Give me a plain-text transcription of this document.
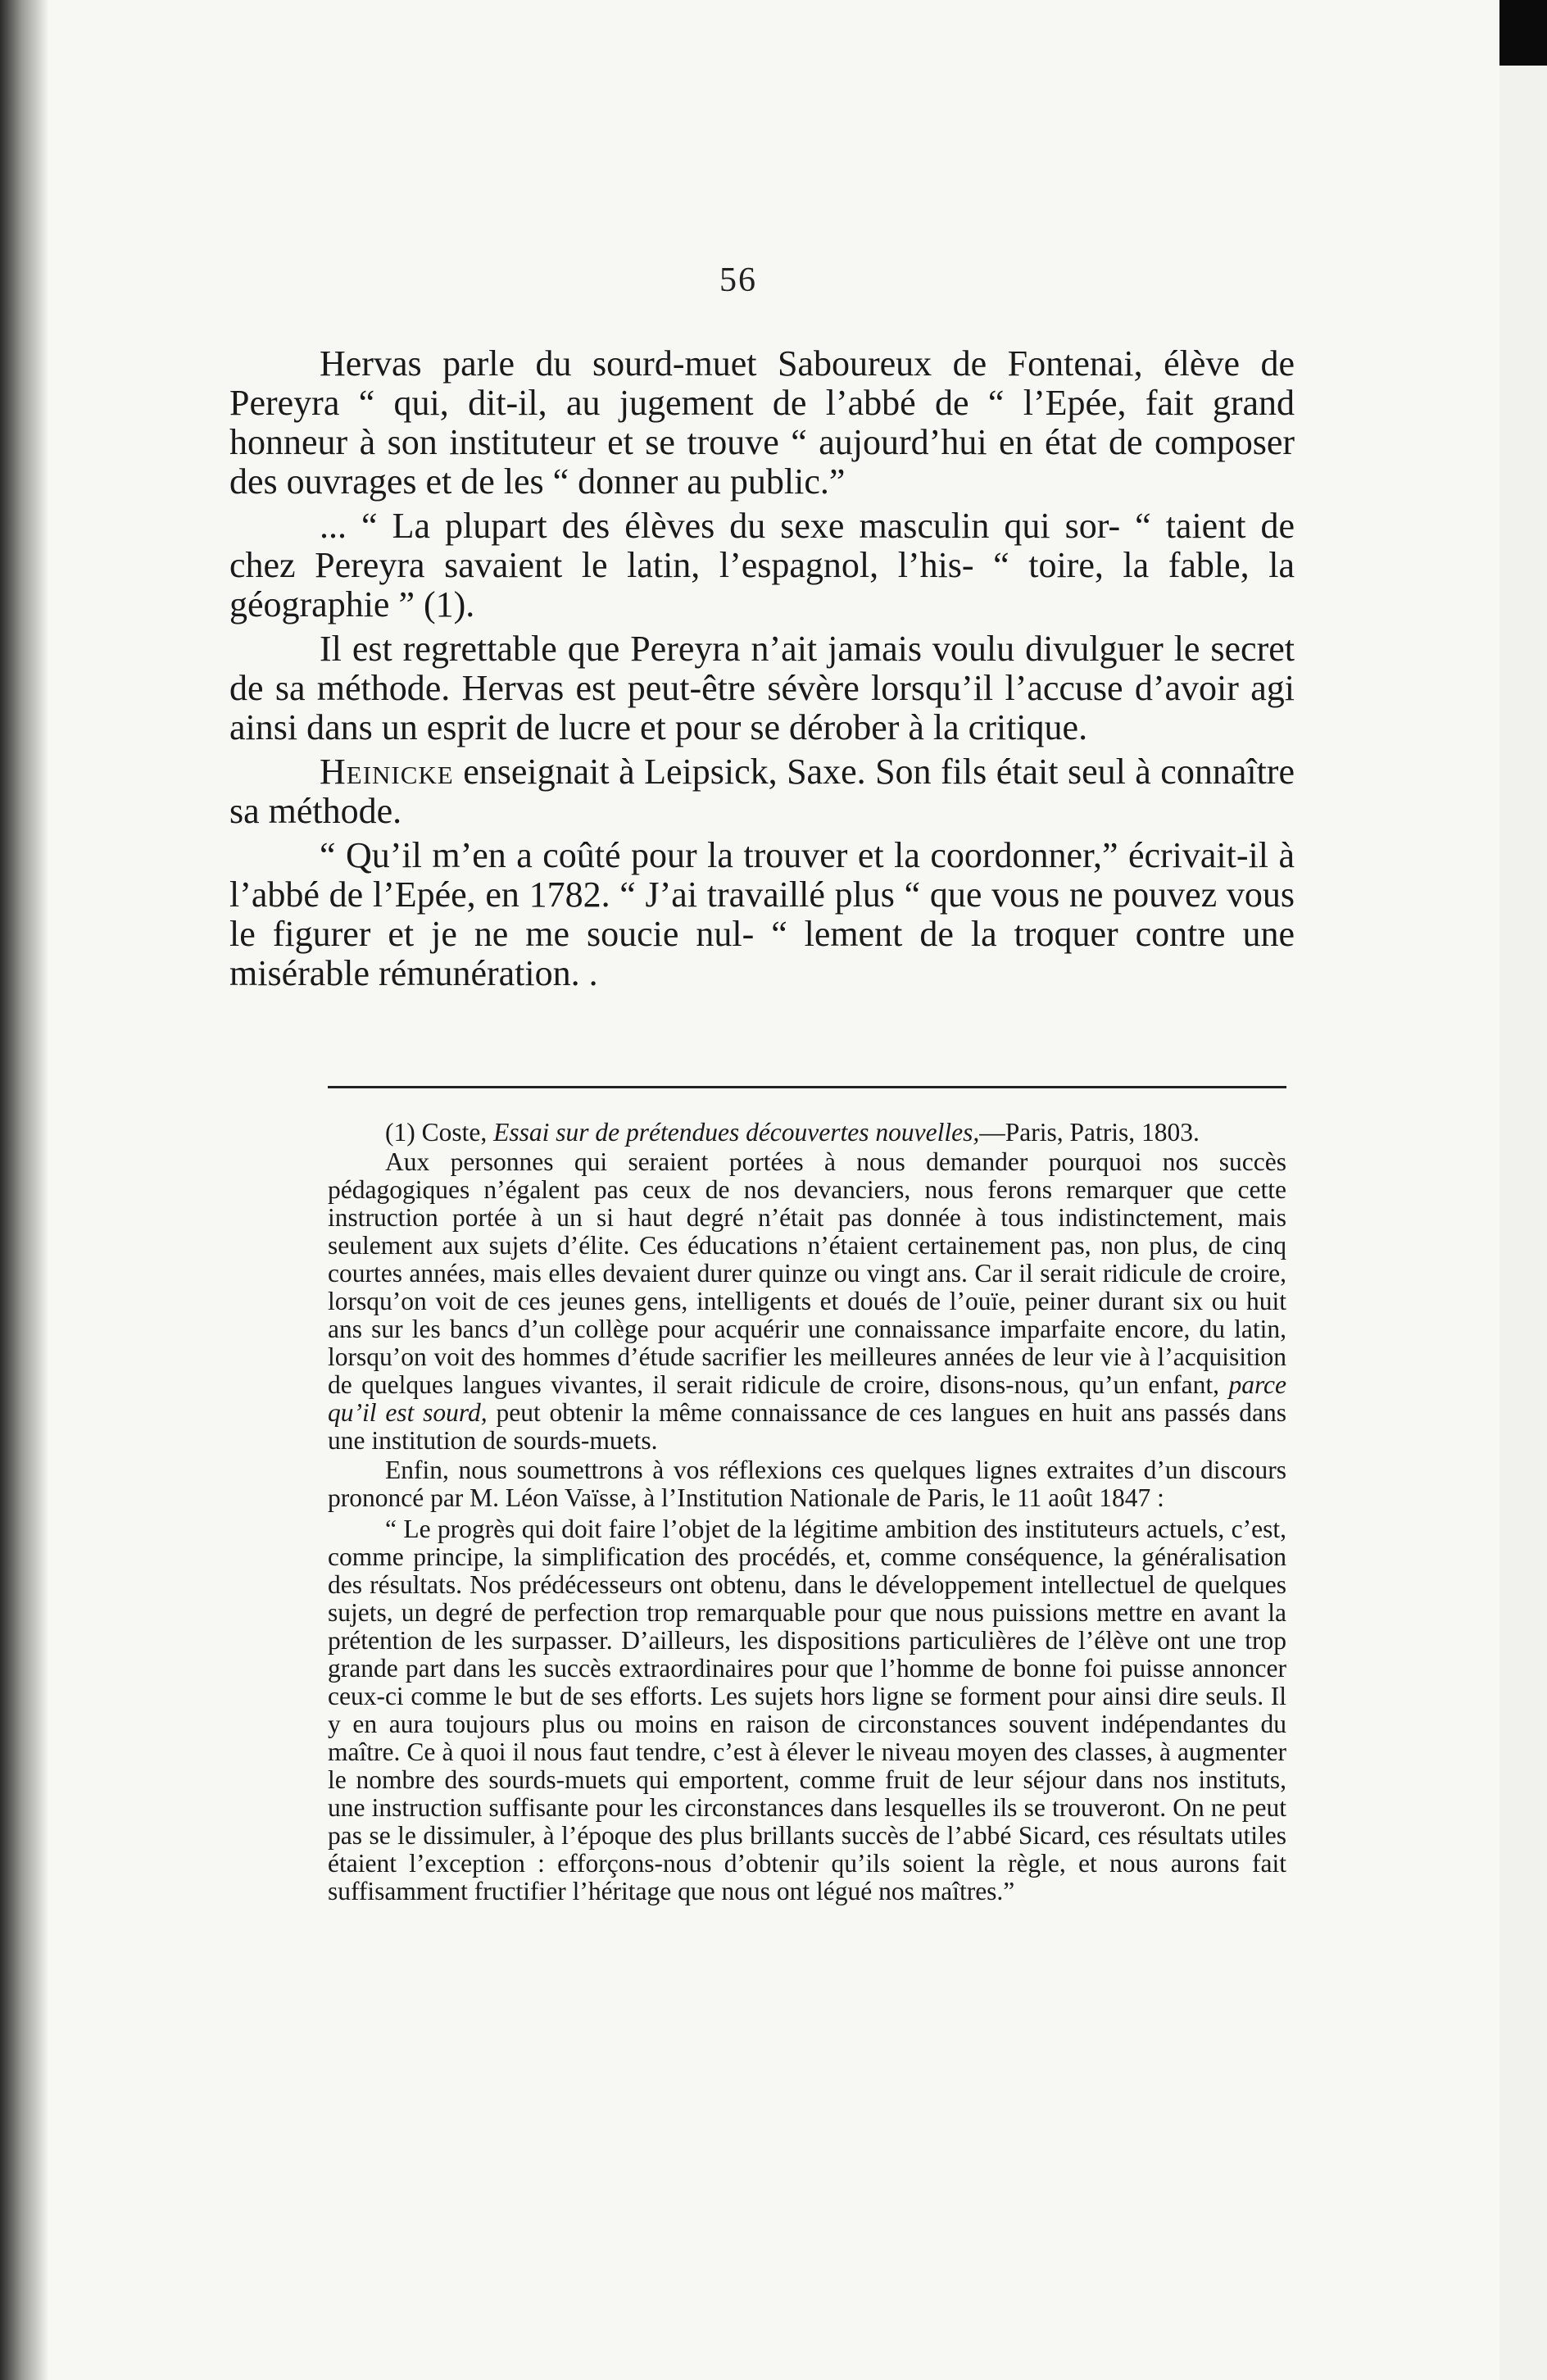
56

Hervas parle du sourd-muet Saboureux de Fontenai, élève de Pereyra “ qui, dit-il, au jugement de l’abbé de “ l’Epée, fait grand honneur à son instituteur et se trouve “ aujourd’hui en état de composer des ouvrages et de les “ donner au public.”

... “ La plupart des élèves du sexe masculin qui sor- “ taient de chez Pereyra savaient le latin, l’espagnol, l’his- “ toire, la fable, la géographie ” (1).

Il est regrettable que Pereyra n’ait jamais voulu divulguer le secret de sa méthode. Hervas est peut-être sévère lorsqu’il l’accuse d’avoir agi ainsi dans un esprit de lucre et pour se dérober à la critique.

Heinicke enseignait à Leipsick, Saxe. Son fils était seul à connaître sa méthode.

“ Qu’il m’en a coûté pour la trouver et la coordonner,” écrivait-il à l’abbé de l’Epée, en 1782. “ J’ai travaillé plus “ que vous ne pouvez vous le figurer et je ne me soucie nul- “ lement de la troquer contre une misérable rémunération. .

(1) Coste, Essai sur de prétendues découvertes nouvelles,—Paris, Patris, 1803.

Aux personnes qui seraient portées à nous demander pourquoi nos succès pédagogiques n’égalent pas ceux de nos devanciers, nous ferons remarquer que cette instruction portée à un si haut degré n’était pas donnée à tous indistinctement, mais seulement aux sujets d’élite. Ces éducations n’étaient certainement pas, non plus, de cinq courtes années, mais elles devaient durer quinze ou vingt ans. Car il serait ridicule de croire, lorsqu’on voit de ces jeunes gens, intelligents et doués de l’ouïe, peiner durant six ou huit ans sur les bancs d’un collège pour acquérir une connaissance imparfaite encore, du latin, lorsqu’on voit des hommes d’étude sacrifier les meilleures années de leur vie à l’acquisition de quelques langues vivantes, il serait ridicule de croire, disons-nous, qu’un enfant, parce qu’il est sourd, peut obtenir la même connaissance de ces langues en huit ans passés dans une institution de sourds-muets.

Enfin, nous soumettrons à vos réflexions ces quelques lignes extraites d’un discours prononcé par M. Léon Vaïsse, à l’Institution Nationale de Paris, le 11 août 1847 :

“ Le progrès qui doit faire l’objet de la légitime ambition des instituteurs actuels, c’est, comme principe, la simplification des procédés, et, comme conséquence, la généralisation des résultats. Nos prédécesseurs ont obtenu, dans le développement intellectuel de quelques sujets, un degré de perfection trop remarquable pour que nous puissions mettre en avant la prétention de les surpasser. D’ailleurs, les dispositions particulières de l’élève ont une trop grande part dans les succès extraordinaires pour que l’homme de bonne foi puisse annoncer ceux-ci comme le but de ses efforts. Les sujets hors ligne se forment pour ainsi dire seuls. Il y en aura toujours plus ou moins en raison de circonstances souvent indépendantes du maître. Ce à quoi il nous faut tendre, c’est à élever le niveau moyen des classes, à augmenter le nombre des sourds-muets qui emportent, comme fruit de leur séjour dans nos instituts, une instruction suffisante pour les circonstances dans lesquelles ils se trouveront. On ne peut pas se le dissimuler, à l’époque des plus brillants succès de l’abbé Sicard, ces résultats utiles étaient l’exception : efforçons-nous d’obtenir qu’ils soient la règle, et nous aurons fait suffisamment fructifier l’héritage que nous ont légué nos maîtres.”
